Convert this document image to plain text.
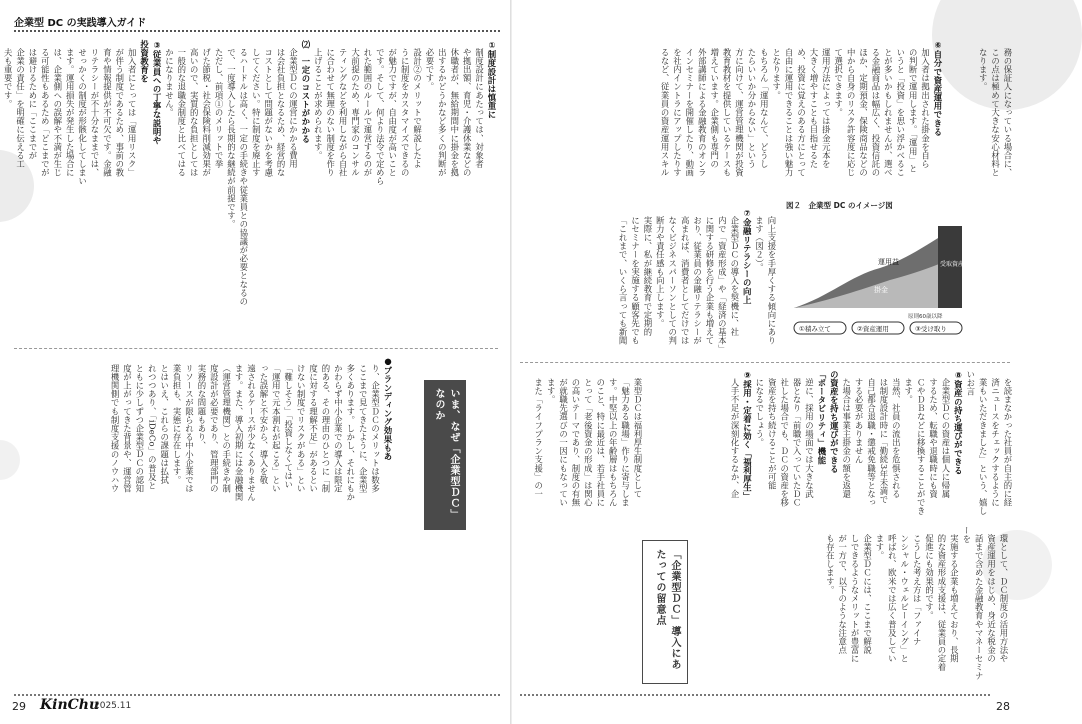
企業型 DC の実践導入ガイド

①制度設計は慎重に

制度設計にあたっては、対象者

や拠出額、育児・介護休業などの

休職者が、無給期間中に掛金を拠

出するかどうかなど多くの判断が

必要です。

設計②のメリットで解説したよ

うに制度をカスタマイズできるの

が魅力ですが、自由度が高いこと

です。そして、何より法令で定めら

れた範囲のルールで運営するのが

大前提のため、専門家のコンサル

ティングなどを利用しながら自社

に合わせて無理のない制度を作り

上げることが求められます。

⑵　一定のコストがかかる

企業型ＤＣの運営にかかる費用

は会社負担となるため、経営的な

コストとして問題がないかを考慮

してください。特に制度を廃止す

るハードルは高く、一定の手続きや従業員との協議が必要となるの

で、一度導入したら長期的な継続が前提です。

ただし、前項①のメリットで挙

げた節税・社会保険料削減効果が

高いので、実質的な負担としては

一般的な退職金制度と比べてはる

かになりません。

③従業員への丁寧な説明や

投資教育を

加入者にとっては「運用リスク」

が伴う制度であるため、事前の教

育や情報提供が不可欠です。金融

リテラシーが不十分なままでは、

せっかくの制度が形骸化してしまい

ます。運用損失が発生した場合に

は、企業側への誤解や不満が生じ

る可能性もあるため「どこまでが

は避けるために「ここまでが

企業の責任」を明確に伝える工

夫も重要です。

●ブランディング効果もあ

り、企業型ＤＣのメリットは数多

ここまで見てきたように、企業型

多くあります。しかし、それにもか

かわらず中小企業での導入は限定

的ある、その理由のひとつに「制

度に対する理解不足」があるとい

けない制度でリスクがある」とい

「難しそう」「投資しなくてはい

「運用で元本割れが起こる」とい

った誤解と不安から、導入を敬

遠されるケースが少なくありません

ます。また、導入初期には金融機関

（運営管理機関）との手続きや制

度設計が必要であり、管理部門の

実務的な問題もあり、

リソースが限られる中小企業では

業負担も、実態に存在します。

とはいえ、これらの課題は払拭

れつつあり、「iDeCo」の普及と

ともに少しずつ企業型ＤＣの認知

度が上がってきた背景や、運営管

理機関側でも制度支援のノウハウ	いま、なぜ「企業型ＤＣ」なのか
29 KinChu
2025.11

務の保証人になっている場合に、

この点は極めて大きな安心材料と

なります。

⑥自分で資産運用できる

加入者は拠出された掛金を自ら

の判断で運用します。「運用」と

いうと「投資」を思い浮かべるこ

とが多いかもしれませんが、選べ

る金融商品は幅広く、投資信託の

ほか、定期預金、保険商品などの

中から自身のリスク許容度に応じ

て選択できます。

運用方法によっては掛金元本を

大きく増やすことも目指せるた

め、投資に覚えのある方にとって

自由に運用できることは強い魅力

となります。

もちろん「運用なんて、どうし

たらいいか分からない」という

方に向けて、運営管理機関が投資

教育教材を提供しているケースも

増えています。企業側も専門の

外部講師による金融教育のオンラ

インセミナーを開催したり、動画

を社内イントラにアップしたりす

るなど、従業員の資産運用スキル

向上支援を手厚くする傾向にあり

ます（図２）。

⑦金融リテラシーの向上

企業型ＤＣの導入を契機に、社

内で「資産形成」や「経済の基本」

に関する研修を行う企業も増えて

おり、従業員の金融リテラシーが

高まれば、消費者としてだけでは

なくビジネスパーソンとしての判

断力や責任感も向上します。

実際に、私が継続教育で定期的

にセミナーを実施する顧客先でも

「これまで、いくら言っても新聞

図２　企業型 DC のイメージ図
運用益
掛金
受取資産
原則60歳以降
①積み立て	②資産運用	③受け取り

を読まなかった社員が自主的に経

済ニュースをチェックするように

業もいただきました」という、嬉しいお言

⑧資産の持ち運びができる

企業型ＤＣの資産は個人に帰属

するため、転職や退職時にも資

ＣやＤＢなどに移換することができ

ます。

当然、社員の流出を危惧される

は制度設計時に「勤続3年未満で

自己都合退職・懲戒免職等となっ

する必要がありません

た場合は事業主掛金の額を返還

の資産を持ち運びができる

「ポータビリティ」機能

逆に、採用の場面では大きな武

器となり「前職で入っていたＤＣ

社した場合でも、ＤＣの資産を移

資産を持ち続けることが可能

になるでしょう。

⑨採用・定着に効く「福利厚生」

人手不足が深刻化するなか、企

業型ＤＣは福利厚生制度として

「魅力ある職場」作りに寄与しま

す。中堅以上の年齢層はもちろん

のこと、特に最近は、若手社員に

とって「老後資金の形成」は関心

の高いテーマであり、制度の有無

が就職先選びの一因にもなってい

ます。

また「ライフプラン支援」の一

環として、ＤＣ制度の活用方法や

資産運用をはじめ、身近な税金の

話まで含めた金融教育やマネーセミナーを

実施する企業も増えており、長期

的な資産形成支援は、従業員の定着

促進にも効果的です。

こうした考え方は「ファイナ

ンシャル・ウェルビーイング」と

呼ばれ、欧米では広く普及してい

ます。

企業型ＤＣには、ここまで解説

しできるようなメリットが豊富に

が一方で、以下のような注意点

も存在します。

「企業型ＤＣ」導入にあたっての留意点
28
